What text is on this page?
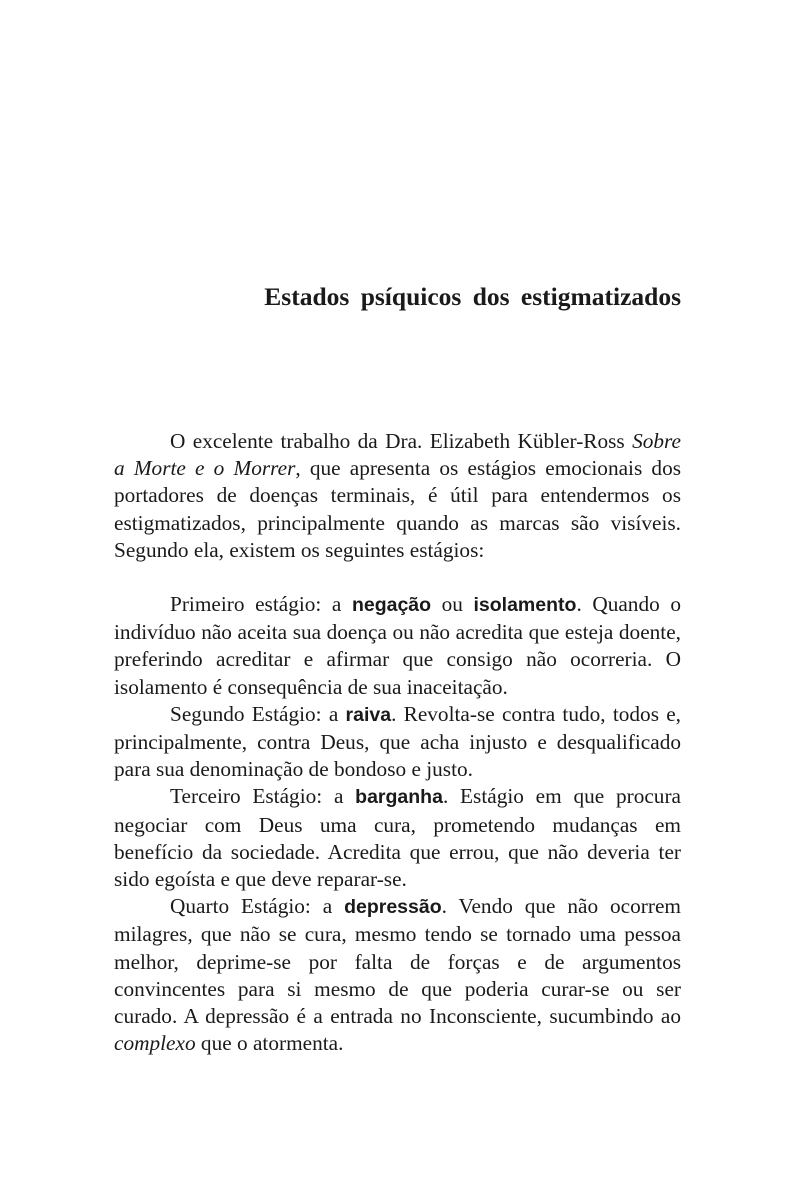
Estados psíquicos dos estigmatizados

O excelente trabalho da Dra. Elizabeth Kübler-Ross Sobre a Morte e o Morrer, que apresenta os estágios emocionais dos portadores de doenças terminais, é útil para entendermos os estigmatizados, principalmente quando as marcas são visíveis. Segundo ela, existem os seguintes estágios:

Primeiro estágio: a negação ou isolamento. Quando o indivíduo não aceita sua doença ou não acredita que esteja doente, preferindo acreditar e afirmar que consigo não ocorreria. O isolamento é consequência de sua inaceitação.

Segundo Estágio: a raiva. Revolta-se contra tudo, todos e, principalmente, contra Deus, que acha injusto e desqualificado para sua denominação de bondoso e justo.

Terceiro Estágio: a barganha. Estágio em que procura negociar com Deus uma cura, prometendo mudanças em benefício da sociedade. Acredita que errou, que não deveria ter sido egoísta e que deve reparar-se.

Quarto Estágio: a depressão. Vendo que não ocorrem milagres, que não se cura, mesmo tendo se tornado uma pessoa melhor, deprime-se por falta de forças e de argumentos convincentes para si mesmo de que poderia curar-se ou ser curado. A depressão é a entrada no Inconsciente, sucumbindo ao complexo que o atormenta.
